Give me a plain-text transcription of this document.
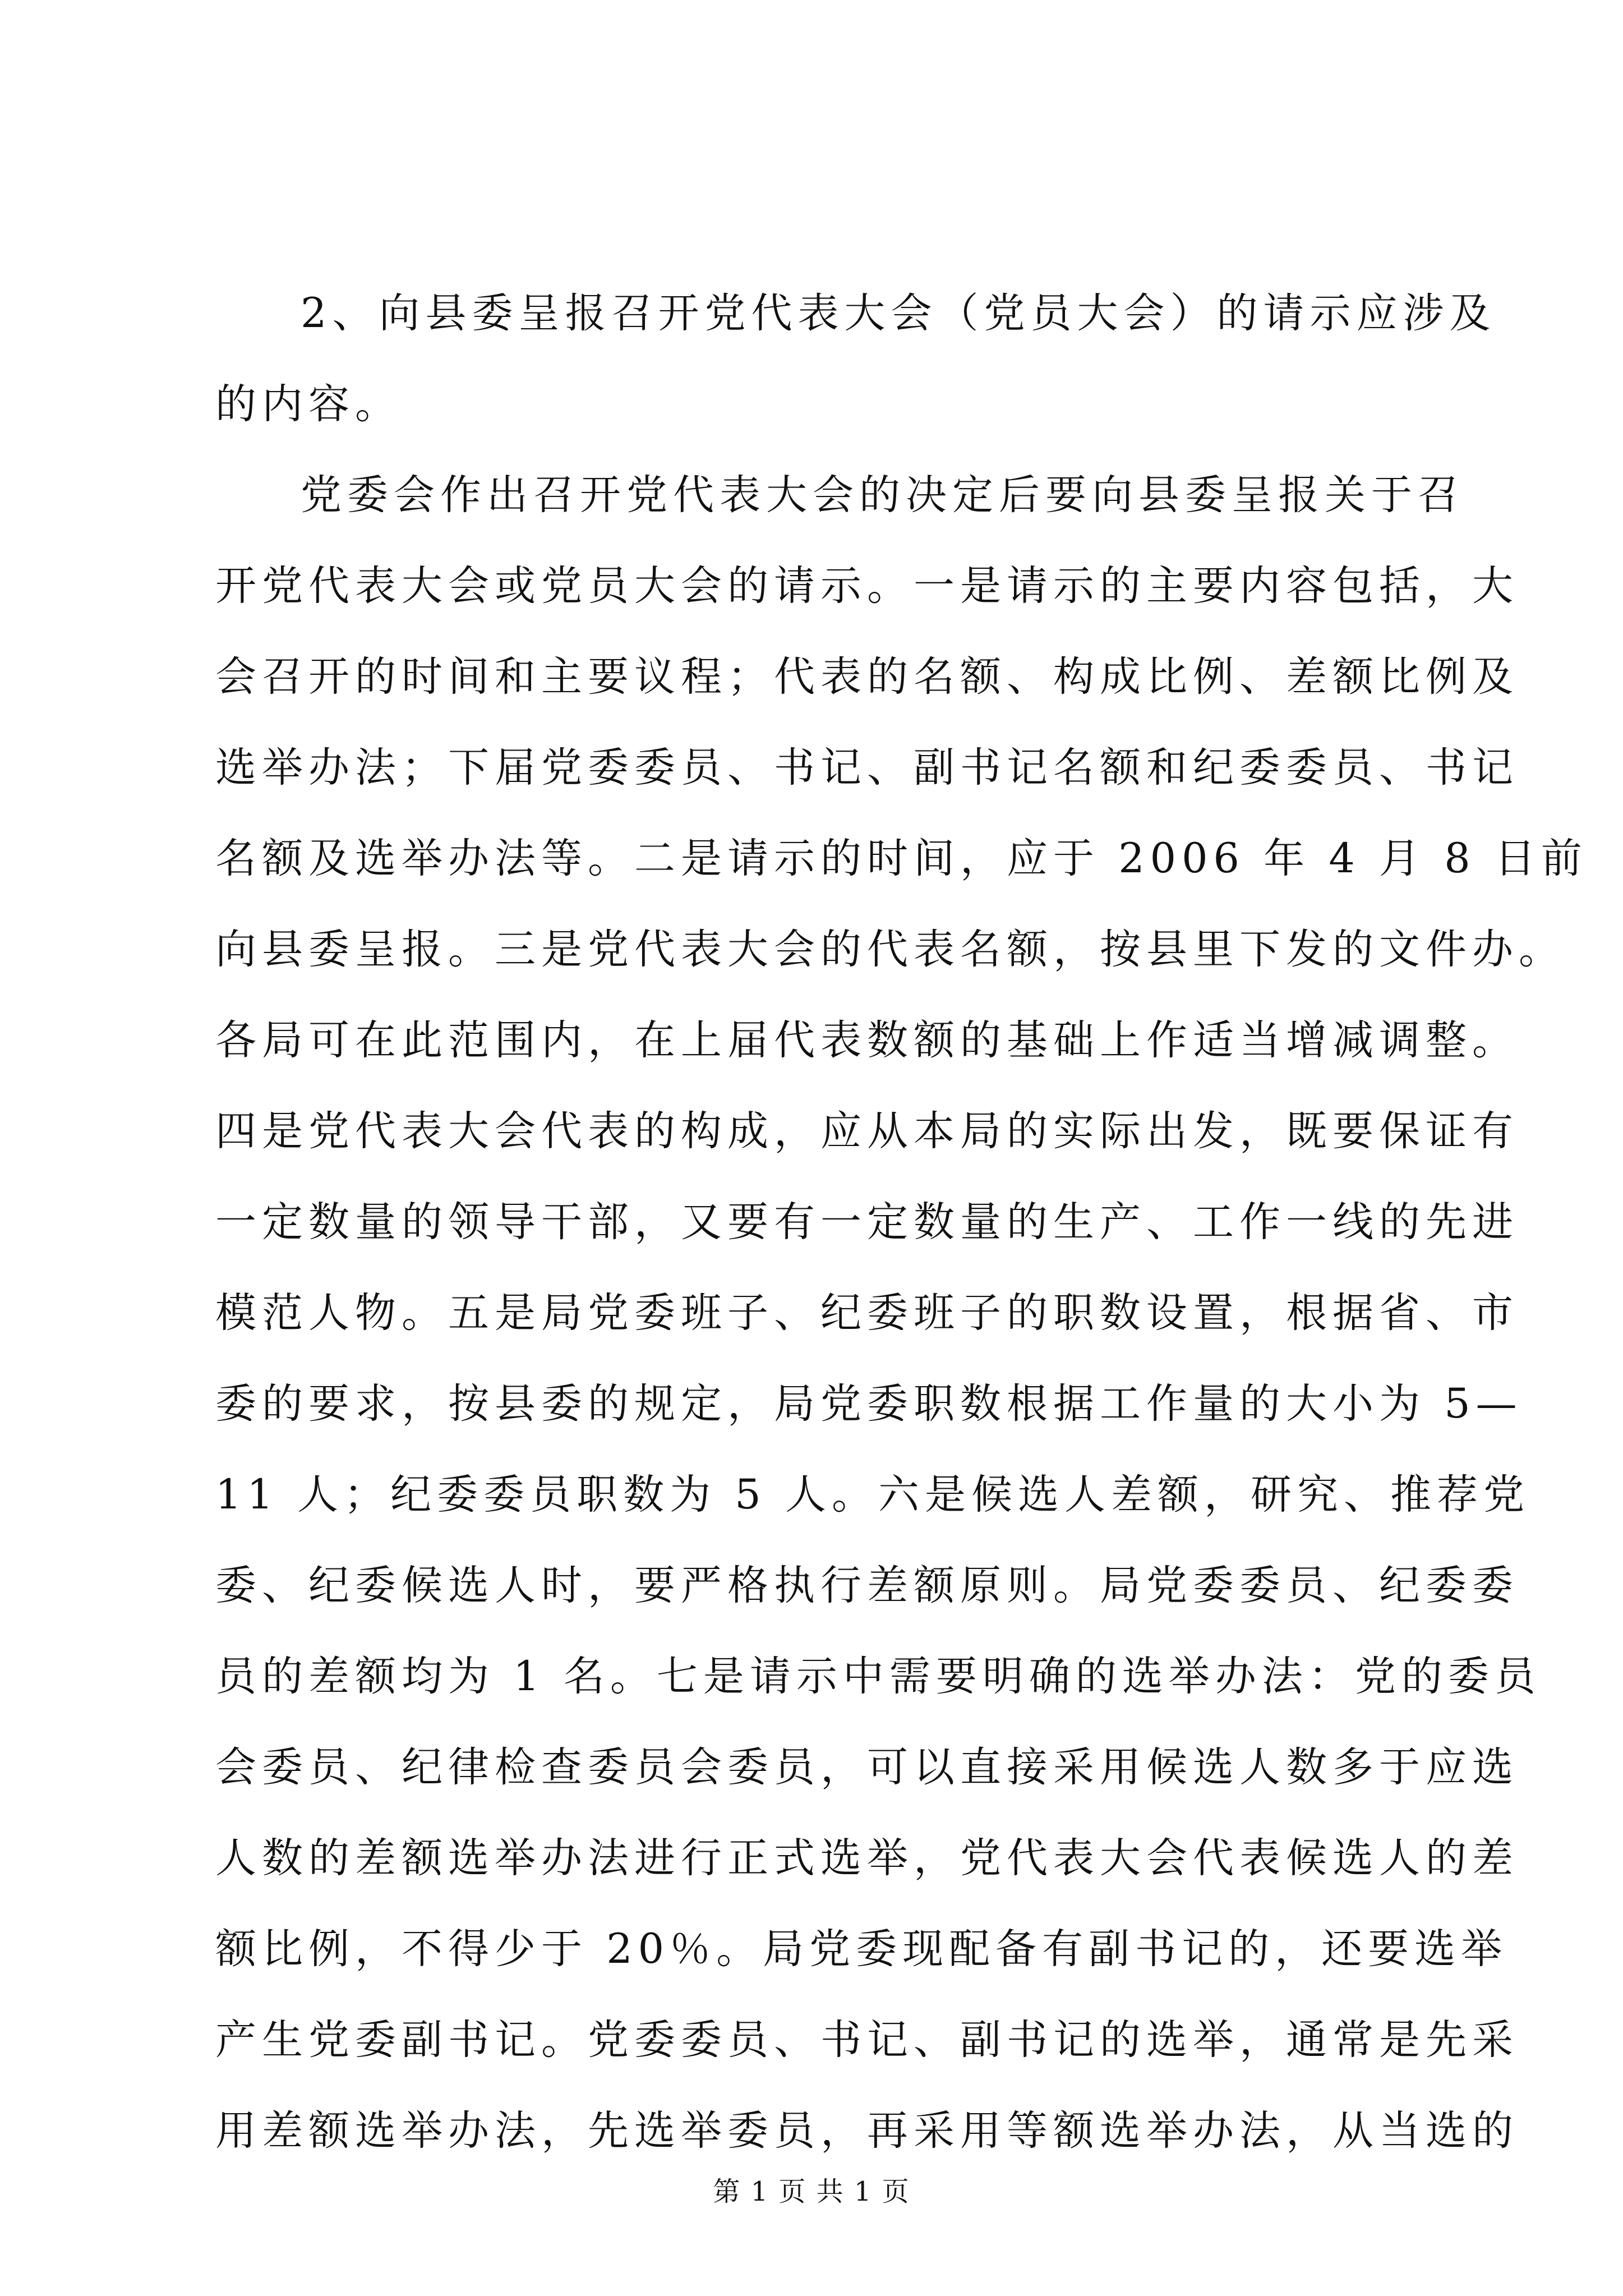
2、向县委呈报召开党代表大会（党员大会）的请示应涉及
的内容。
党委会作出召开党代表大会的决定后要向县委呈报关于召
开党代表大会或党员大会的请示。一是请示的主要内容包括，大
会召开的时间和主要议程；代表的名额、构成比例、差额比例及
选举办法；下届党委委员、书记、副书记名额和纪委委员、书记
名额及选举办法等。二是请示的时间，应于 2006 年 4 月 8 日前
向县委呈报。三是党代表大会的代表名额，按县里下发的文件办。
各局可在此范围内，在上届代表数额的基础上作适当增减调整。
四是党代表大会代表的构成，应从本局的实际出发，既要保证有
一定数量的领导干部，又要有一定数量的生产、工作一线的先进
模范人物。五是局党委班子、纪委班子的职数设置，根据省、市
委的要求，按县委的规定，局党委职数根据工作量的大小为 5—
11 人；纪委委员职数为 5 人。六是候选人差额，研究、推荐党
委、纪委候选人时，要严格执行差额原则。局党委委员、纪委委
员的差额均为 1 名。七是请示中需要明确的选举办法：党的委员
会委员、纪律检查委员会委员，可以直接采用候选人数多于应选
人数的差额选举办法进行正式选举，党代表大会代表候选人的差
额比例，不得少于 20％。局党委现配备有副书记的，还要选举
产生党委副书记。党委委员、书记、副书记的选举，通常是先采
用差额选举办法，先选举委员，再采用等额选举办法，从当选的
第 1 页 共 1 页
